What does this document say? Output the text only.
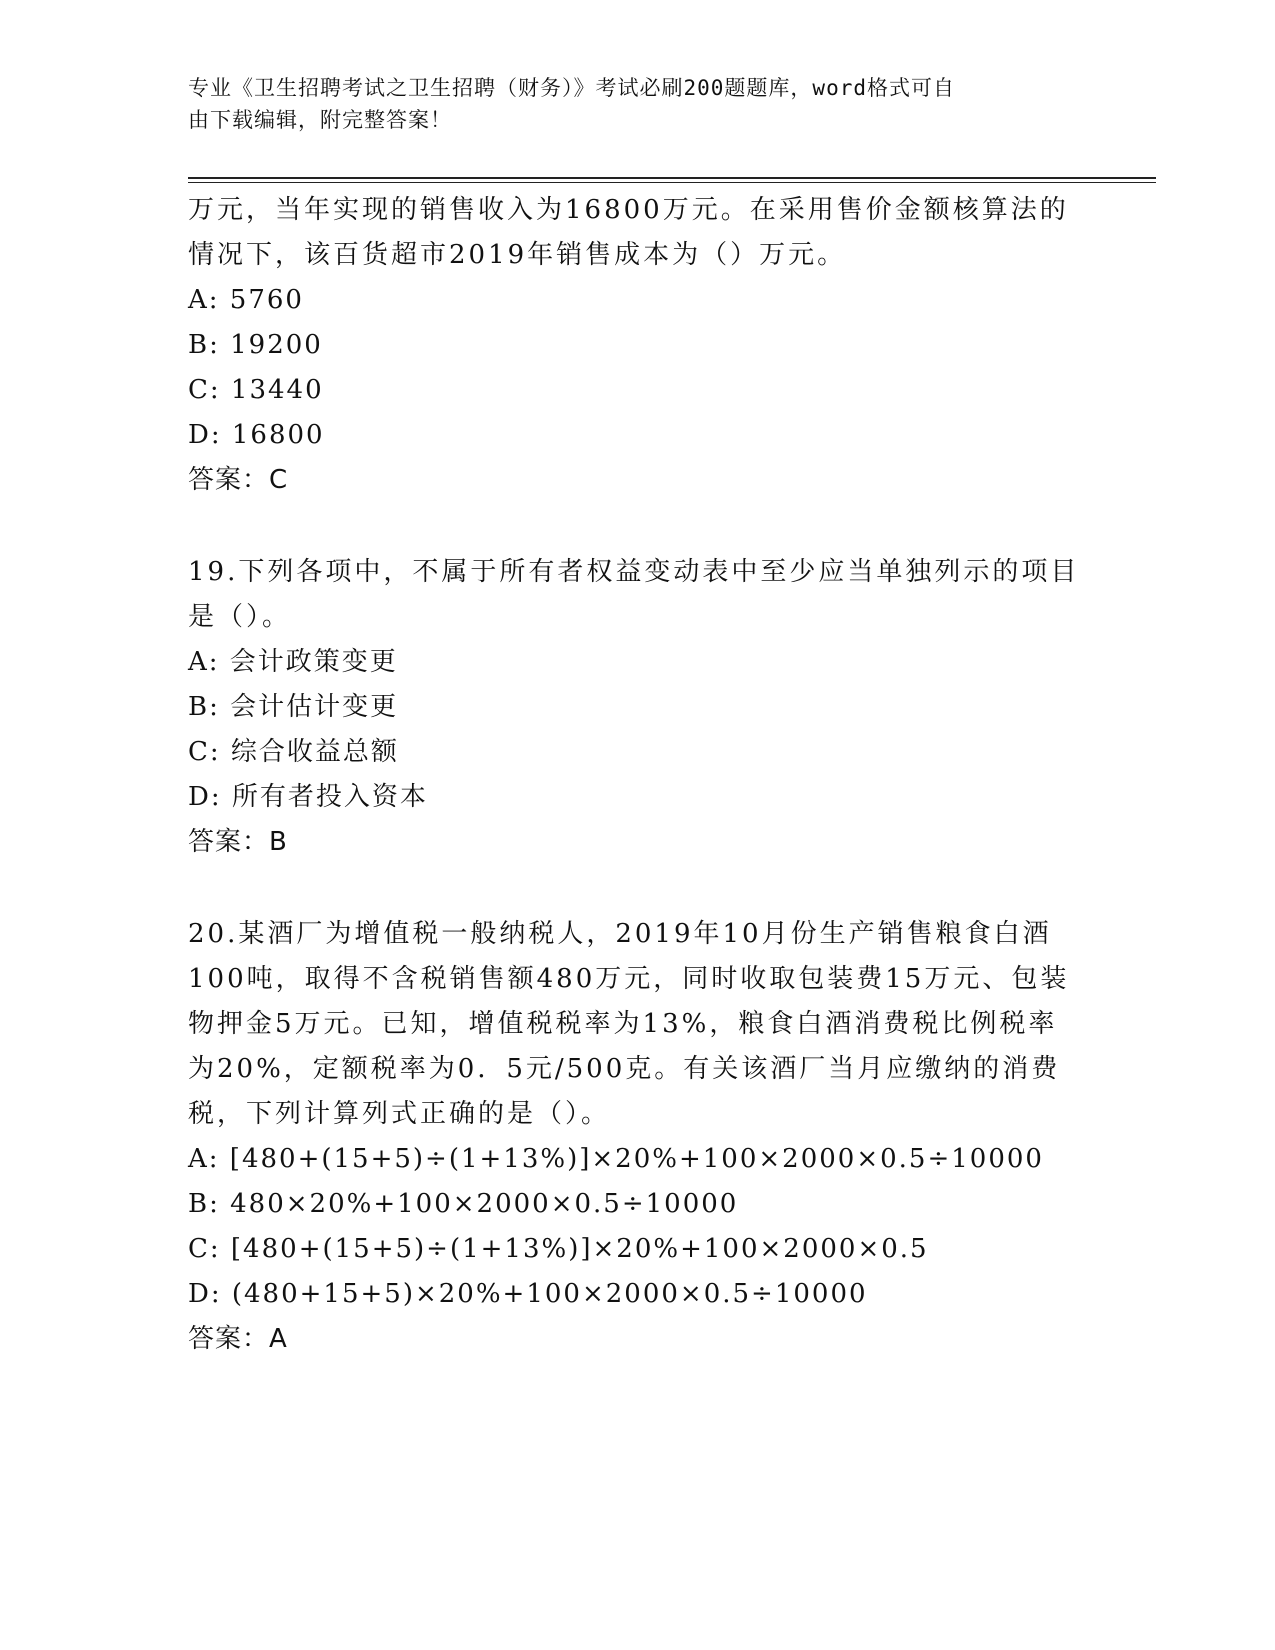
专业《卫生招聘考试之卫生招聘（财务）》考试必刷200题题库，word格式可自
由下载编辑，附完整答案！
万元，当年实现的销售收入为16800万元。在采用售价金额核算法的
情况下，该百货超市2019年销售成本为（）万元。
A: 5760
B: 19200
C: 13440
D: 16800
答案：C
19.下列各项中，不属于所有者权益变动表中至少应当单独列示的项目
是（）。
A: 会计政策变更
B: 会计估计变更
C: 综合收益总额
D: 所有者投入资本
答案：B
20.某酒厂为增值税一般纳税人，2019年10月份生产销售粮食白酒
100吨，取得不含税销售额480万元，同时收取包装费15万元、包装
物押金5万元。已知，增值税税率为13%，粮食白酒消费税比例税率
为20%，定额税率为0．5元/500克。有关该酒厂当月应缴纳的消费
税，下列计算列式正确的是（）。
A: [480+(15+5)÷(1+13%)]×20%+100×2000×0.5÷10000
B: 480×20%+100×2000×0.5÷10000
C: [480+(15+5)÷(1+13%)]×20%+100×2000×0.5
D: (480+15+5)×20%+100×2000×0.5÷10000
答案：A
